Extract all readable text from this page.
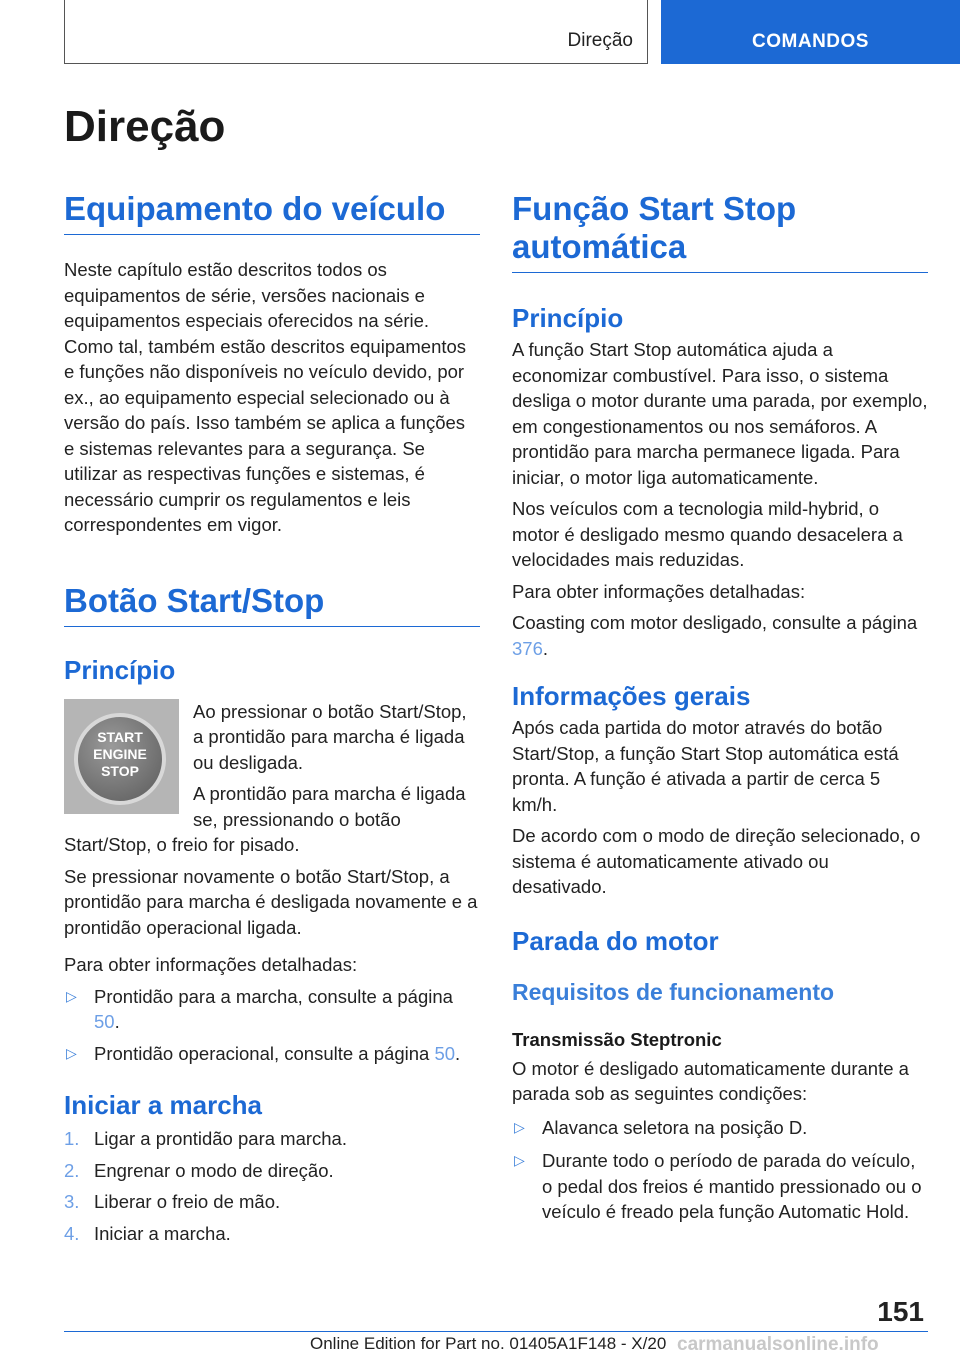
Direção	COMANDOS
Direção
Equipamento do veículo

Neste capítulo estão descritos todos os equipamentos de série, versões nacionais e equipamentos especiais oferecidos na série. Como tal, também estão descritos equipamentos e funções não disponíveis no veículo devido, por ex., ao equipamento especial selecionado ou à versão do país. Isso também se aplica a funções e sistemas relevantes para a segurança. Se utilizar as respectivas funções e sistemas, é necessário cumprir os regulamentos e leis correspondentes em vigor.

Botão Start/Stop
Princípio
START
ENGINE
STOP

Ao pressionar o botão Start/Stop, a prontidão para marcha é ligada ou desligada.

A prontidão para marcha é ligada se, pressionando o botão Start/Stop, o freio for pisado.

Se pressionar novamente o botão Start/Stop, a prontidão para marcha é desligada novamente e a prontidão operacional ligada.

Para obter informações detalhadas:

▷ Prontidão para a marcha, consulte a página 50.
▷ Prontidão operacional, consulte a página 50.
Iniciar a marcha
1. Ligar a prontidão para marcha.
2. Engrenar o modo de direção.
3. Liberar o freio de mão.
4. Iniciar a marcha.
Função Start Stop automática
Princípio

A função Start Stop automática ajuda a economizar combustível. Para isso, o sistema desliga o motor durante uma parada, por exemplo, em congestionamentos ou nos semáforos. A prontidão para marcha permanece ligada. Para iniciar, o motor liga automaticamente.

Nos veículos com a tecnologia mild-hybrid, o motor é desligado mesmo quando desacelera a velocidades mais reduzidas.

Para obter informações detalhadas:

Coasting com motor desligado, consulte a página 376.

Informações gerais

Após cada partida do motor através do botão Start/Stop, a função Start Stop automática está pronta. A função é ativada a partir de cerca 5 km/h.

De acordo com o modo de direção selecionado, o sistema é automaticamente ativado ou desativado.

Parada do motor
Requisitos de funcionamento
Transmissão Steptronic

O motor é desligado automaticamente durante a parada sob as seguintes condições:

▷ Alavanca seletora na posição D.
▷ Durante todo o período de parada do veículo, o pedal dos freios é mantido pressionado ou o veículo é freado pela função Automatic Hold.
151
Online Edition for Part no. 01405A1F148 - X/20 carmanualsonline.info
